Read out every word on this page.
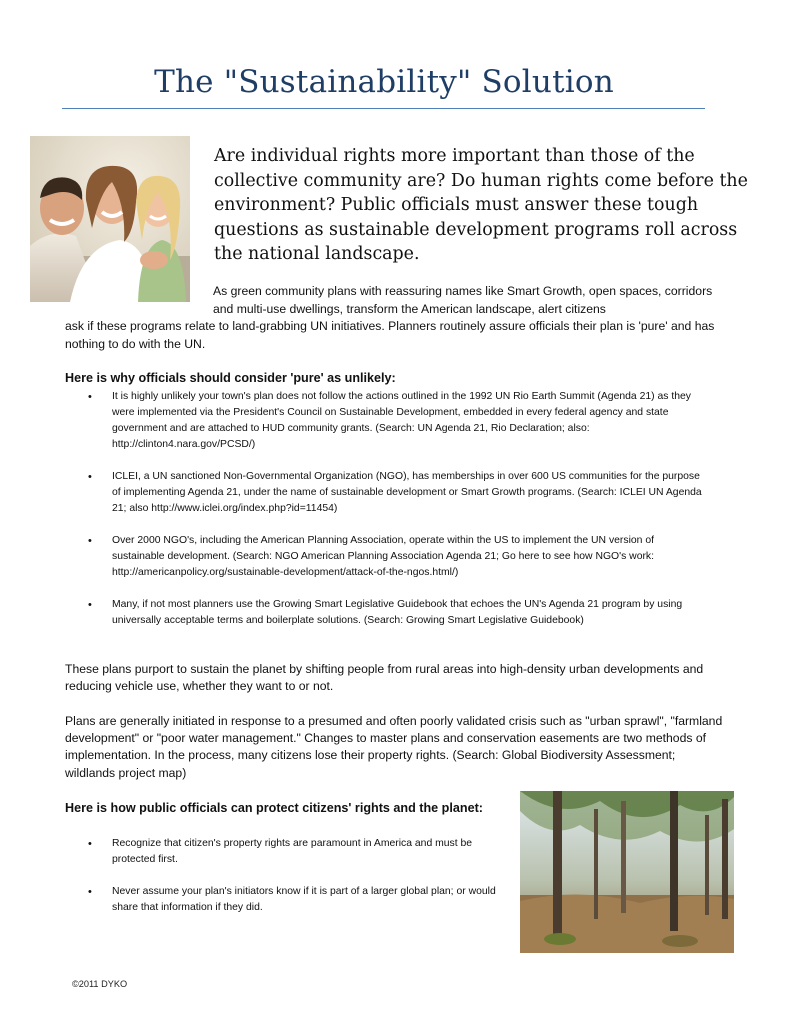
The "Sustainability" Solution

Are individual rights more important than those of the collective community are? Do human rights come before the environment? Public officials must answer these tough questions as sustainable development programs roll across the national landscape.

As green community plans with reassuring names like Smart Growth, open spaces, corridors and multi-use dwellings, transform the American landscape, alert citizens

ask if these programs relate to land-grabbing UN initiatives. Planners routinely assure officials their plan is 'pure' and has nothing to do with the UN.

Here is why officials should consider 'pure' as unlikely:

• It is highly unlikely your town's plan does not follow the actions outlined in the 1992 UN Rio Earth Summit (Agenda 21) as they were implemented via the President's Council on Sustainable Development, embedded in every federal agency and state government and are attached to HUD community grants. (Search: UN Agenda 21, Rio Declaration; also: http://clinton4.nara.gov/PCSD/)
• ICLEI, a UN sanctioned Non-Governmental Organization (NGO), has memberships in over 600 US communities for the purpose of implementing Agenda 21, under the name of sustainable development or Smart Growth programs. (Search: ICLEI UN Agenda 21; also http://www.iclei.org/index.php?id=11454)
• Over 2000 NGO's, including the American Planning Association, operate within the US to implement the UN version of sustainable development. (Search: NGO American Planning Association Agenda 21; Go here to see how NGO's work: http://americanpolicy.org/sustainable-development/attack-of-the-ngos.html/)
• Many, if not most planners use the Growing Smart Legislative Guidebook that echoes the UN's Agenda 21 program by using universally acceptable terms and boilerplate solutions. (Search: Growing Smart Legislative Guidebook)

These plans purport to sustain the planet by shifting people from rural areas into high-density urban developments and reducing vehicle use, whether they want to or not.

Plans are generally initiated in response to a presumed and often poorly validated crisis such as "urban sprawl", "farmland development" or "poor water management." Changes to master plans and conservation easements are two methods of implementation. In the process, many citizens lose their property rights. (Search: Global Biodiversity Assessment; wildlands project map)

Here is how public officials can protect citizens' rights and the planet:

• Recognize that citizen's property rights are paramount in America and must be protected first.
• Never assume your plan's initiators know if it is part of a larger global plan; or would share that information if they did.

©2011 DYKO
